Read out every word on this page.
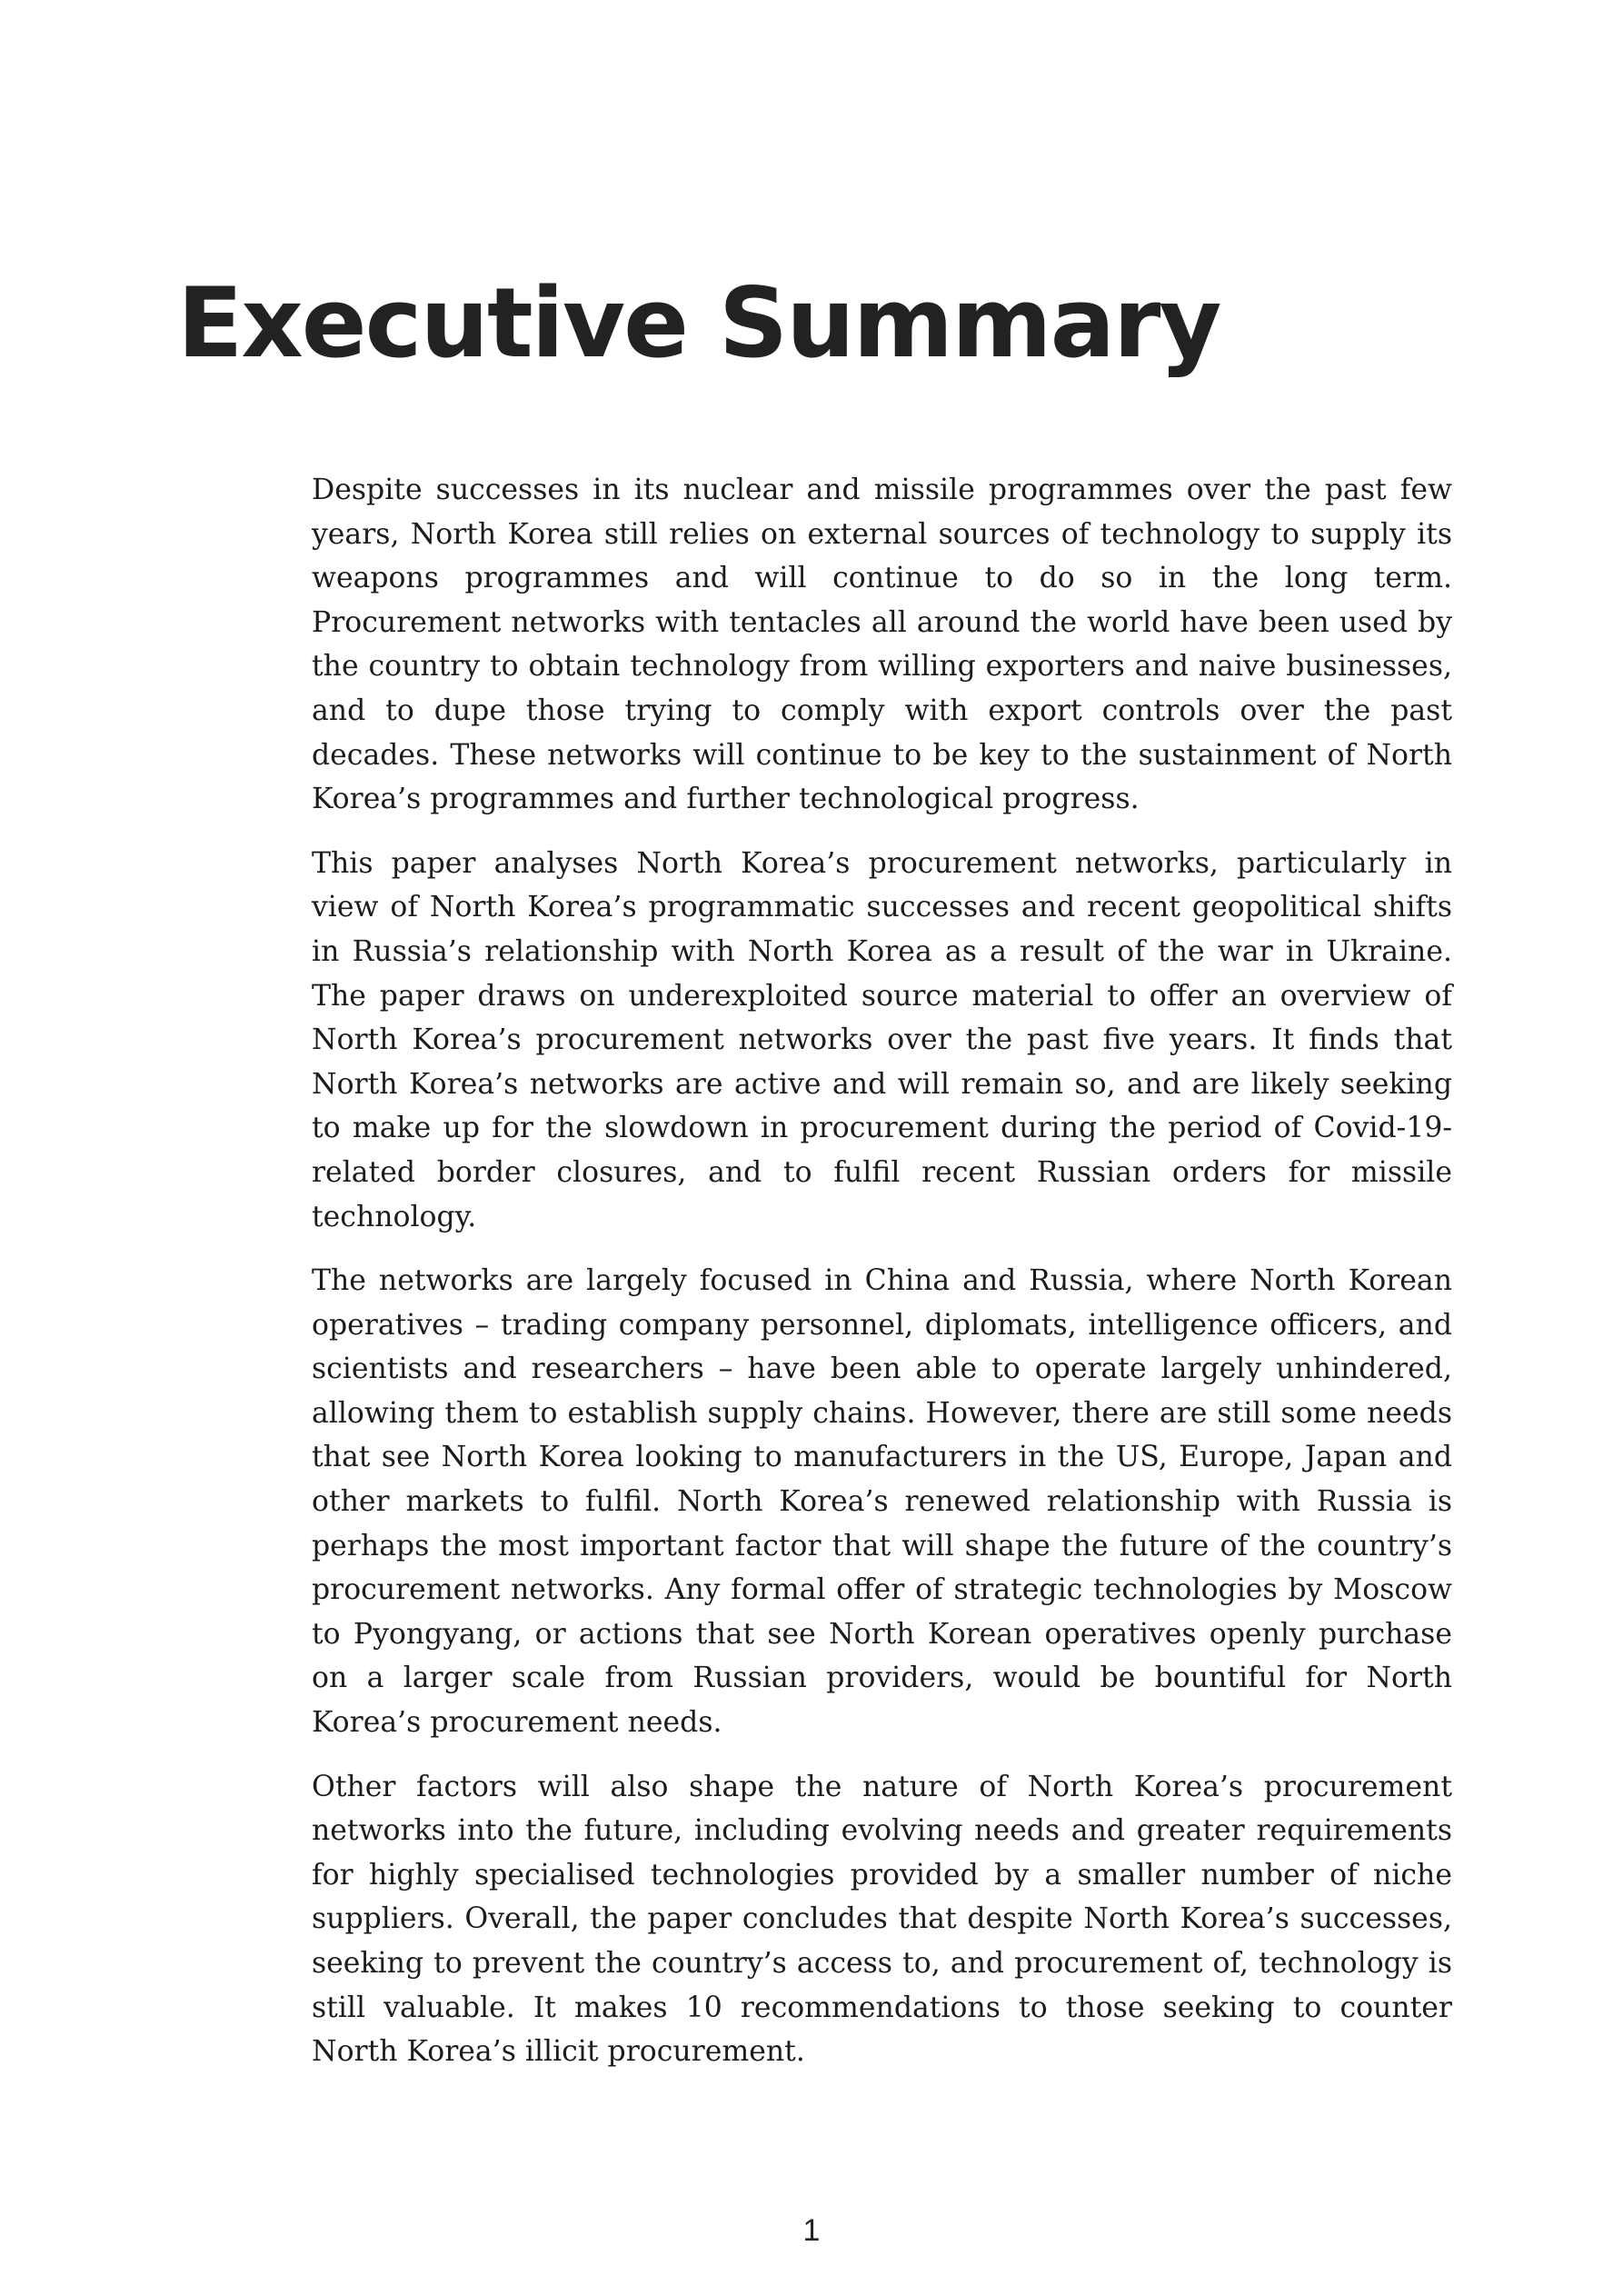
Executive Summary

Despite successes in its nuclear and missile programmes over the past few years, North Korea still relies on external sources of technology to supply its weapons programmes and will continue to do so in the long term. Procurement networks with tentacles all around the world have been used by the country to obtain technology from willing exporters and naive businesses, and to dupe those trying to comply with export controls over the past decades. These networks will continue to be key to the sustainment of North Korea’s programmes and further technological progress.

This paper analyses North Korea’s procurement networks, particularly in view of North Korea’s programmatic successes and recent geopolitical shifts in Russia’s relationship with North Korea as a result of the war in Ukraine. The paper draws on underexploited source material to offer an overview of North Korea’s procurement networks over the past five years. It finds that North Korea’s networks are active and will remain so, and are likely seeking to make up for the slowdown in procurement during the period of Covid-19-related border closures, and to fulfil recent Russian orders for missile technology.

The networks are largely focused in China and Russia, where North Korean operatives – trading company personnel, diplomats, intelligence officers, and scientists and researchers – have been able to operate largely unhindered, allowing them to establish supply chains. However, there are still some needs that see North Korea looking to manufacturers in the US, Europe, Japan and other markets to fulfil. North Korea’s renewed relationship with Russia is perhaps the most important factor that will shape the future of the country’s procurement networks. Any formal offer of strategic technologies by Moscow to Pyongyang, or actions that see North Korean operatives openly purchase on a larger scale from Russian providers, would be bountiful for North Korea’s procurement needs.

Other factors will also shape the nature of North Korea’s procurement networks into the future, including evolving needs and greater requirements for highly specialised technologies provided by a smaller number of niche suppliers. Overall, the paper concludes that despite North Korea’s successes, seeking to prevent the country’s access to, and procurement of, technology is still valuable. It makes 10 recommendations to those seeking to counter North Korea’s illicit procurement.

1
